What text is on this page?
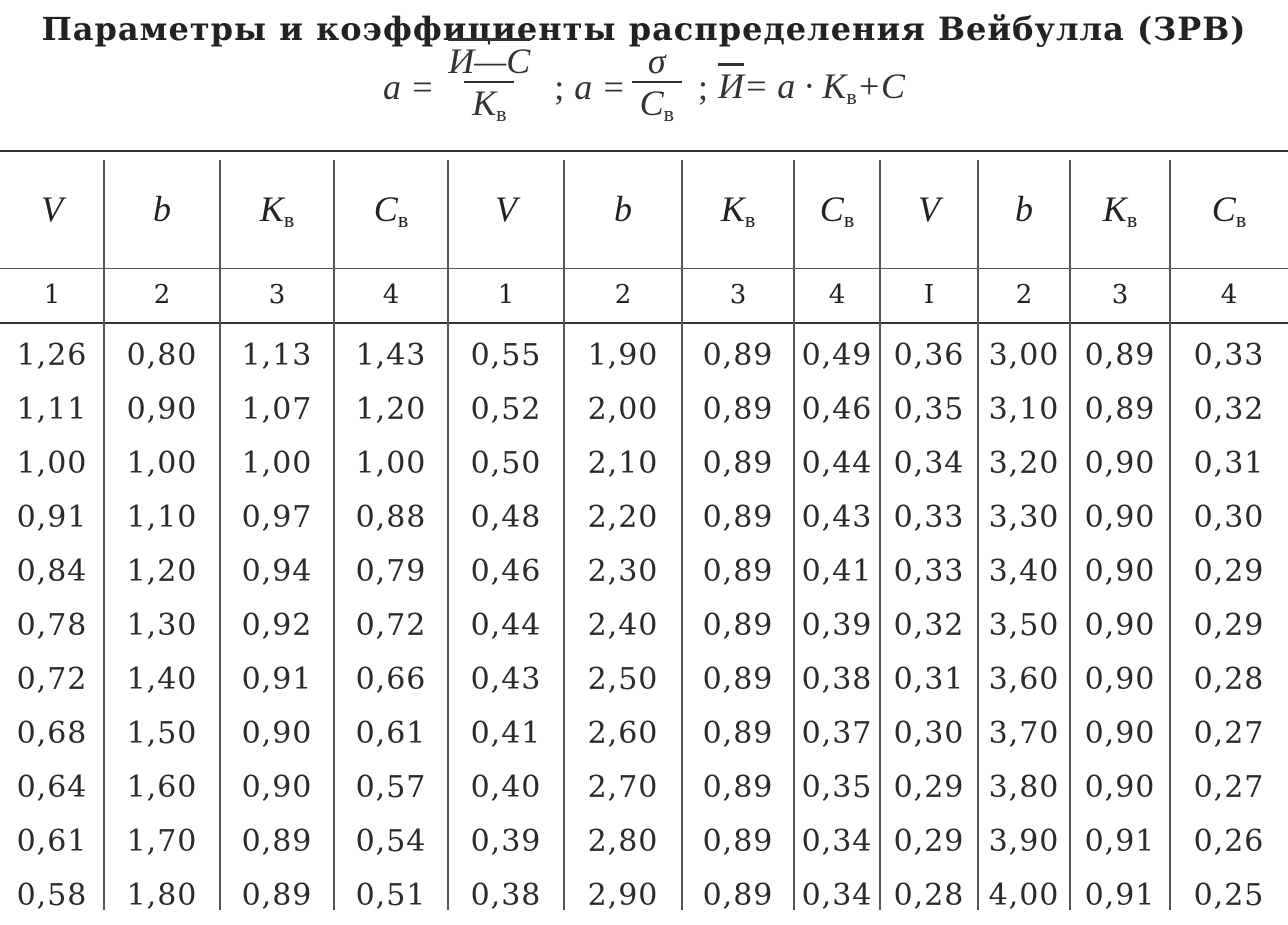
Параметры и коэффициенты распределения Вейбулла (ЗРВ)
$a = \frac{И—C}{K_в}$ ; $a = \frac{\sigma}{C_в}$ ; $И= a \cdot K_в+C$
V	b	$K_в$	$C_в$	V	b	$K_в$	$C_в$	V	b	$K_в$	$C_в$
1	2	3	4	1	2	3	4	I	2	3	4
1,26	0,80	1,13	1,43	0,55	1,90	0,89	0,49	0,36	3,00	0,89	0,33
1,11	0,90	1,07	1,20	0,52	2,00	0,89	0,46	0,35	3,10	0,89	0,32
1,00	1,00	1,00	1,00	0,50	2,10	0,89	0,44	0,34	3,20	0,90	0,31
0,91	1,10	0,97	0,88	0,48	2,20	0,89	0,43	0,33	3,30	0,90	0,30
0,84	1,20	0,94	0,79	0,46	2,30	0,89	0,41	0,33	3,40	0,90	0,29
0,78	1,30	0,92	0,72	0,44	2,40	0,89	0,39	0,32	3,50	0,90	0,29
0,72	1,40	0,91	0,66	0,43	2,50	0,89	0,38	0,31	3,60	0,90	0,28
0,68	1,50	0,90	0,61	0,41	2,60	0,89	0,37	0,30	3,70	0,90	0,27
0,64	1,60	0,90	0,57	0,40	2,70	0,89	0,35	0,29	3,80	0,90	0,27
0,61	1,70	0,89	0,54	0,39	2,80	0,89	0,34	0,29	3,90	0,91	0,26
0,58	1,80	0,89	0,51	0,38	2,90	0,89	0,34	0,28	4,00	0,91	0,25
